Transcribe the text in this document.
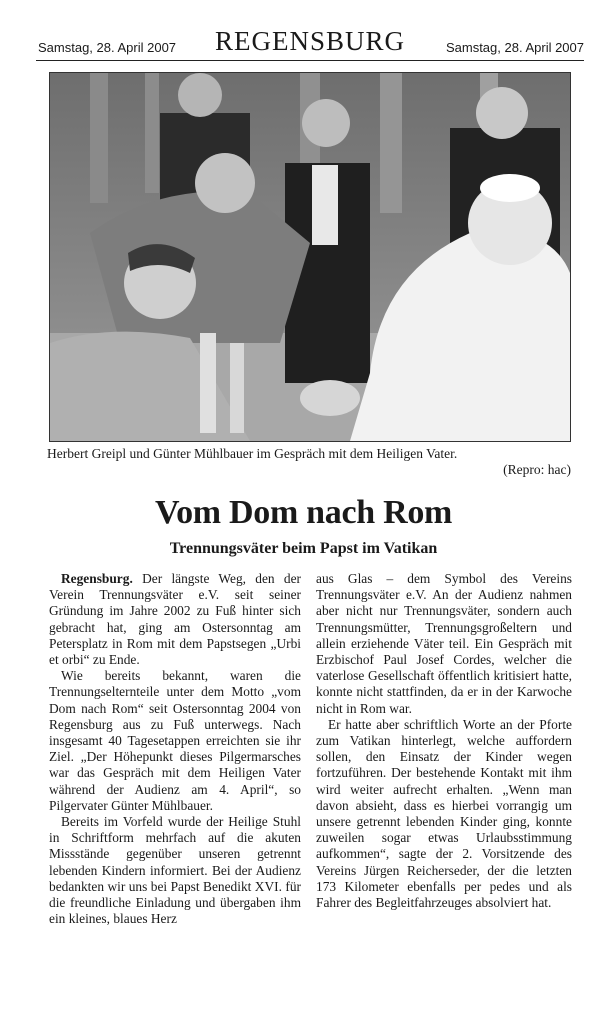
Samstag, 28. April 2007	REGENSBURG	Samstag, 28. April 2007
Herbert Greipl und Günter Mühlbauer im Gespräch mit dem Heiligen Vater.
(Repro: hac)
Vom Dom nach Rom
Trennungsväter beim Papst im Vatikan

Regensburg. Der längste Weg, den der Verein Trennungsväter e.V. seit seiner Gründung im Jahre 2002 zu Fuß hinter sich gebracht hat, ging am Ostersonntag am Petersplatz in Rom mit dem Papstsegen „Urbi et orbi“ zu Ende.

Wie bereits bekannt, waren die Trennungselternteile unter dem Motto „vom Dom nach Rom“ seit Ostersonntag 2004 von Regensburg aus zu Fuß unterwegs. Nach insgesamt 40 Tagesetappen erreichten sie ihr Ziel. „Der Höhepunkt dieses Pilgermarsches war das Gespräch mit dem Heiligen Vater während der Audienz am 4. April“, so Pilgervater Günter Mühlbauer.

Bereits im Vorfeld wurde der Heilige Stuhl in Schriftform mehrfach auf die akuten Missstände gegenüber unseren getrennt lebenden Kindern informiert. Bei der Audienz bedankten wir uns bei Papst Benedikt XVI. für die freundliche Einladung und übergaben ihm ein kleines, blaues Herz

aus Glas – dem Symbol des Vereins Trennungsväter e.V. An der Audienz nahmen aber nicht nur Trennungsväter, sondern auch Trennungsmütter, Trennungsgroßeltern und allein erziehende Väter teil. Ein Gespräch mit Erzbischof Paul Josef Cordes, welcher die vaterlose Gesellschaft öffentlich kritisiert hatte, konnte nicht stattfinden, da er in der Karwoche nicht in Rom war.

Er hatte aber schriftlich Worte an der Pforte zum Vatikan hinterlegt, welche auffordern sollen, den Einsatz der Kinder wegen fortzuführen. Der bestehende Kontakt mit ihm wird weiter aufrecht erhalten. „Wenn man davon absieht, dass es hierbei vorrangig um unsere getrennt lebenden Kinder ging, konnte zuweilen sogar etwas Urlaubsstimmung aufkommen“, sagte der 2. Vorsitzende des Vereins Jürgen Reicherseder, der die letzten 173 Kilometer ebenfalls per pedes und als Fahrer des Begleitfahrzeuges absolviert hat.
